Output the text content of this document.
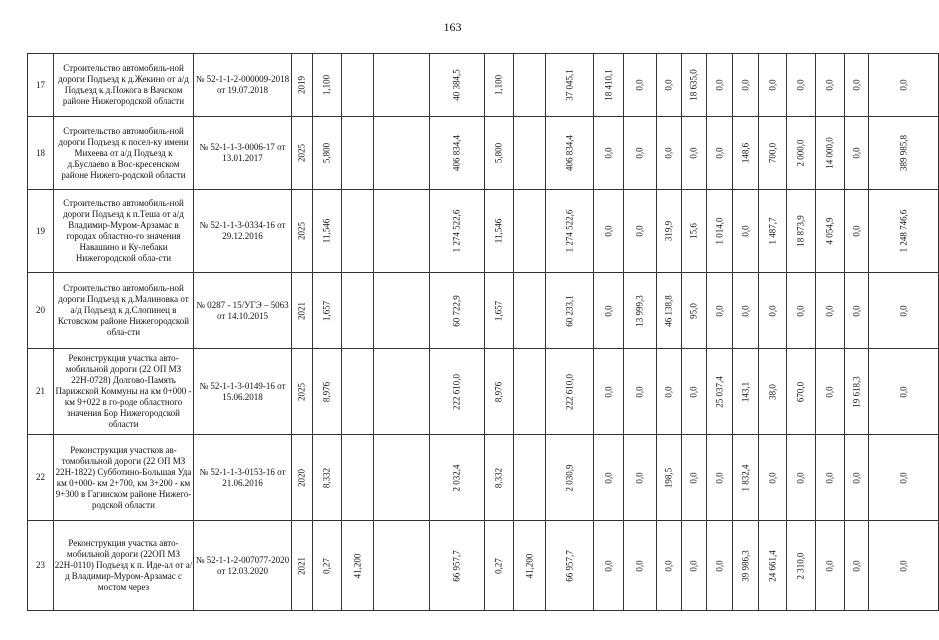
163
17	Строительство автомобиль-ной дороги Подъезд к д.Жекино от а/д Подъезд к д.Пожога в Вачском районе Нижегородской области	№ 52-1-1-2-000009-2018 от 19.07.2018	2019	1,100			40 384,5	1,100		37 045,1	18 410,1	0,0	0,0	18 635,0	0,0	0,0	0,0	0,0	0,0	0,0	0,0	

18	Строительство автомобиль-ной дороги Подъезд к посел-ку имени Михеева от а/д Подъезд к д.Буслаево в Вос-кресенском районе Нижего-родской области	№ 52-1-1-3-0006-17 от 13.01.2017	2025	5,800			406 834,4	5,800		406 834,4	0,0	0,0	0,0	0,0	0,0	148,6	700,0	2 000,0	14 000,0	0,0	389 985,8	

19	Строительство автомобиль-ной дороги Подъезд к п.Теша от а/д Владимир-Муром-Арзамас в городах областно-го значения Навашино и Ку-лебаки Нижегородской обла-сти	№ 52-1-1-3-0334-16 от 29.12.2016	2025	11,546			1 274 522,6	11,546		1 274 522,6	0,0	0,0	319,9	15,6	1 014,0	0,0	1 487,7	18 873,9	4 054,9	0,0	1 248 746,6	

20	Строительство автомобиль-ной дороги Подъезд к д.Малиновка от а/д Подъезд к д.Слопинец в Кстовском районе Нижегородской обла-сти	№ 0287 - 15/УГЭ – 5063 от 14.10.2015	2021	1,657			60 722,9	1,657		60 233,1	0,0	13 999,3	46 138,8	95,0	0,0	0,0	0,0	0,0	0,0	0,0	0,0	

21	Реконструкция участка авто-мобильной дороги (22 ОП МЗ 22Н-0728) Долгово-Память Парижской Коммуны на км 0+000 - км 9+022 в го-роде областного значения Бор Нижегородской области	№ 52-1-1-3-0149-16 от 15.06.2018	2025	8,976			222 610,0	8,976		222 610,0	0,0	0,0	0,0	0,0	25 037,4	143,1	38,0	670,0	0,0	19 618,3	0,0

22	Реконструкция участков ав-томобильной дороги (22 ОП МЗ 22Н-1822) Субботино-Большая Уда км 0+000- км 2+700, км 3+200 - км 9+300 в Гагинском районе Нижего-родской области	№ 52-1-1-3-0153-16 от 21.06.2016	2020	8,332			2 032,4	8,332		2 030,9	0,0	0,0	198,5	0,0	0,0	1 832,4	0,0	0,0	0,0	0,0	0,0

23	Реконструкция участка авто-мобильной дороги (22ОП МЗ 22Н-0110) Подъезд к п. Иде-ал от а/д Владимир-Муром-Арзамас с мостом через	№ 52-1-1-2-007077-2020 от 12.03.2020	2021	0,27	41,200		66 957,7	0,27	41,200	66 957,7	0,0	0,0	0,0	0,0	0,0	39 986,3	24 661,4	2 310,0	0,0	0,0	0,0
